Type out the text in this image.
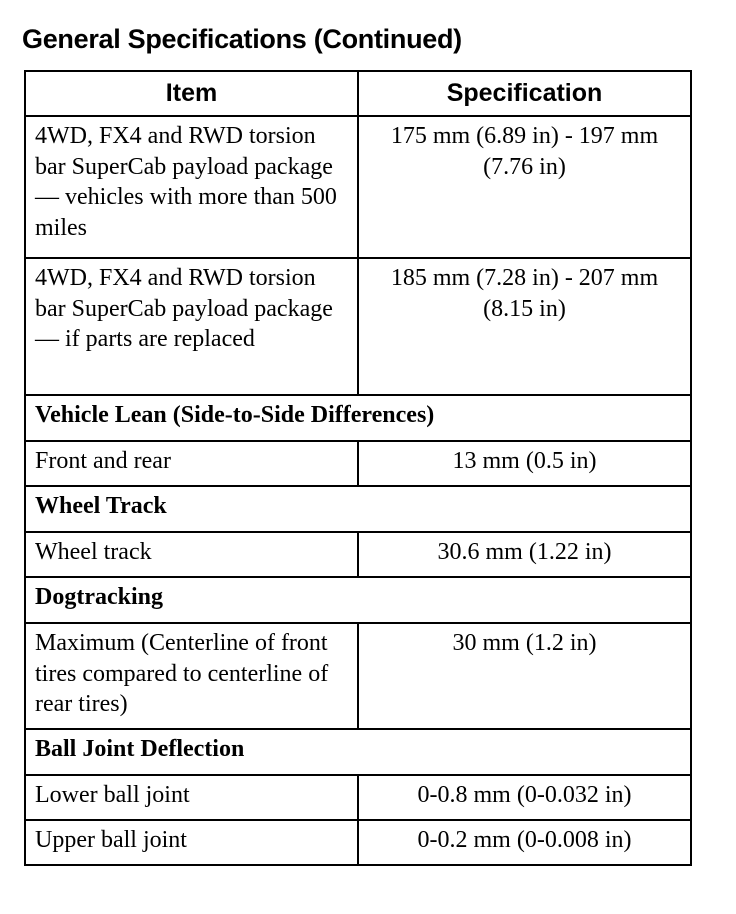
General Specifications (Continued)
Item	Specification
4WD, FX4 and RWD torsion bar SuperCab payload package — vehicles with more than 500 miles	175 mm (6.89 in) - 197 mm (7.76 in)
4WD, FX4 and RWD torsion bar SuperCab payload package — if parts are replaced	185 mm (7.28 in) - 207 mm (8.15 in)
Vehicle Lean (Side-to-Side Differences)	
Front and rear	13 mm (0.5 in)
Wheel Track	
Wheel track	30.6 mm (1.22 in)
Dogtracking	
Maximum (Centerline of front tires compared to centerline of rear tires)	30 mm (1.2 in)
Ball Joint Deflection	
Lower ball joint	0-0.8 mm (0-0.032 in)
Upper ball joint	0-0.2 mm (0-0.008 in)
